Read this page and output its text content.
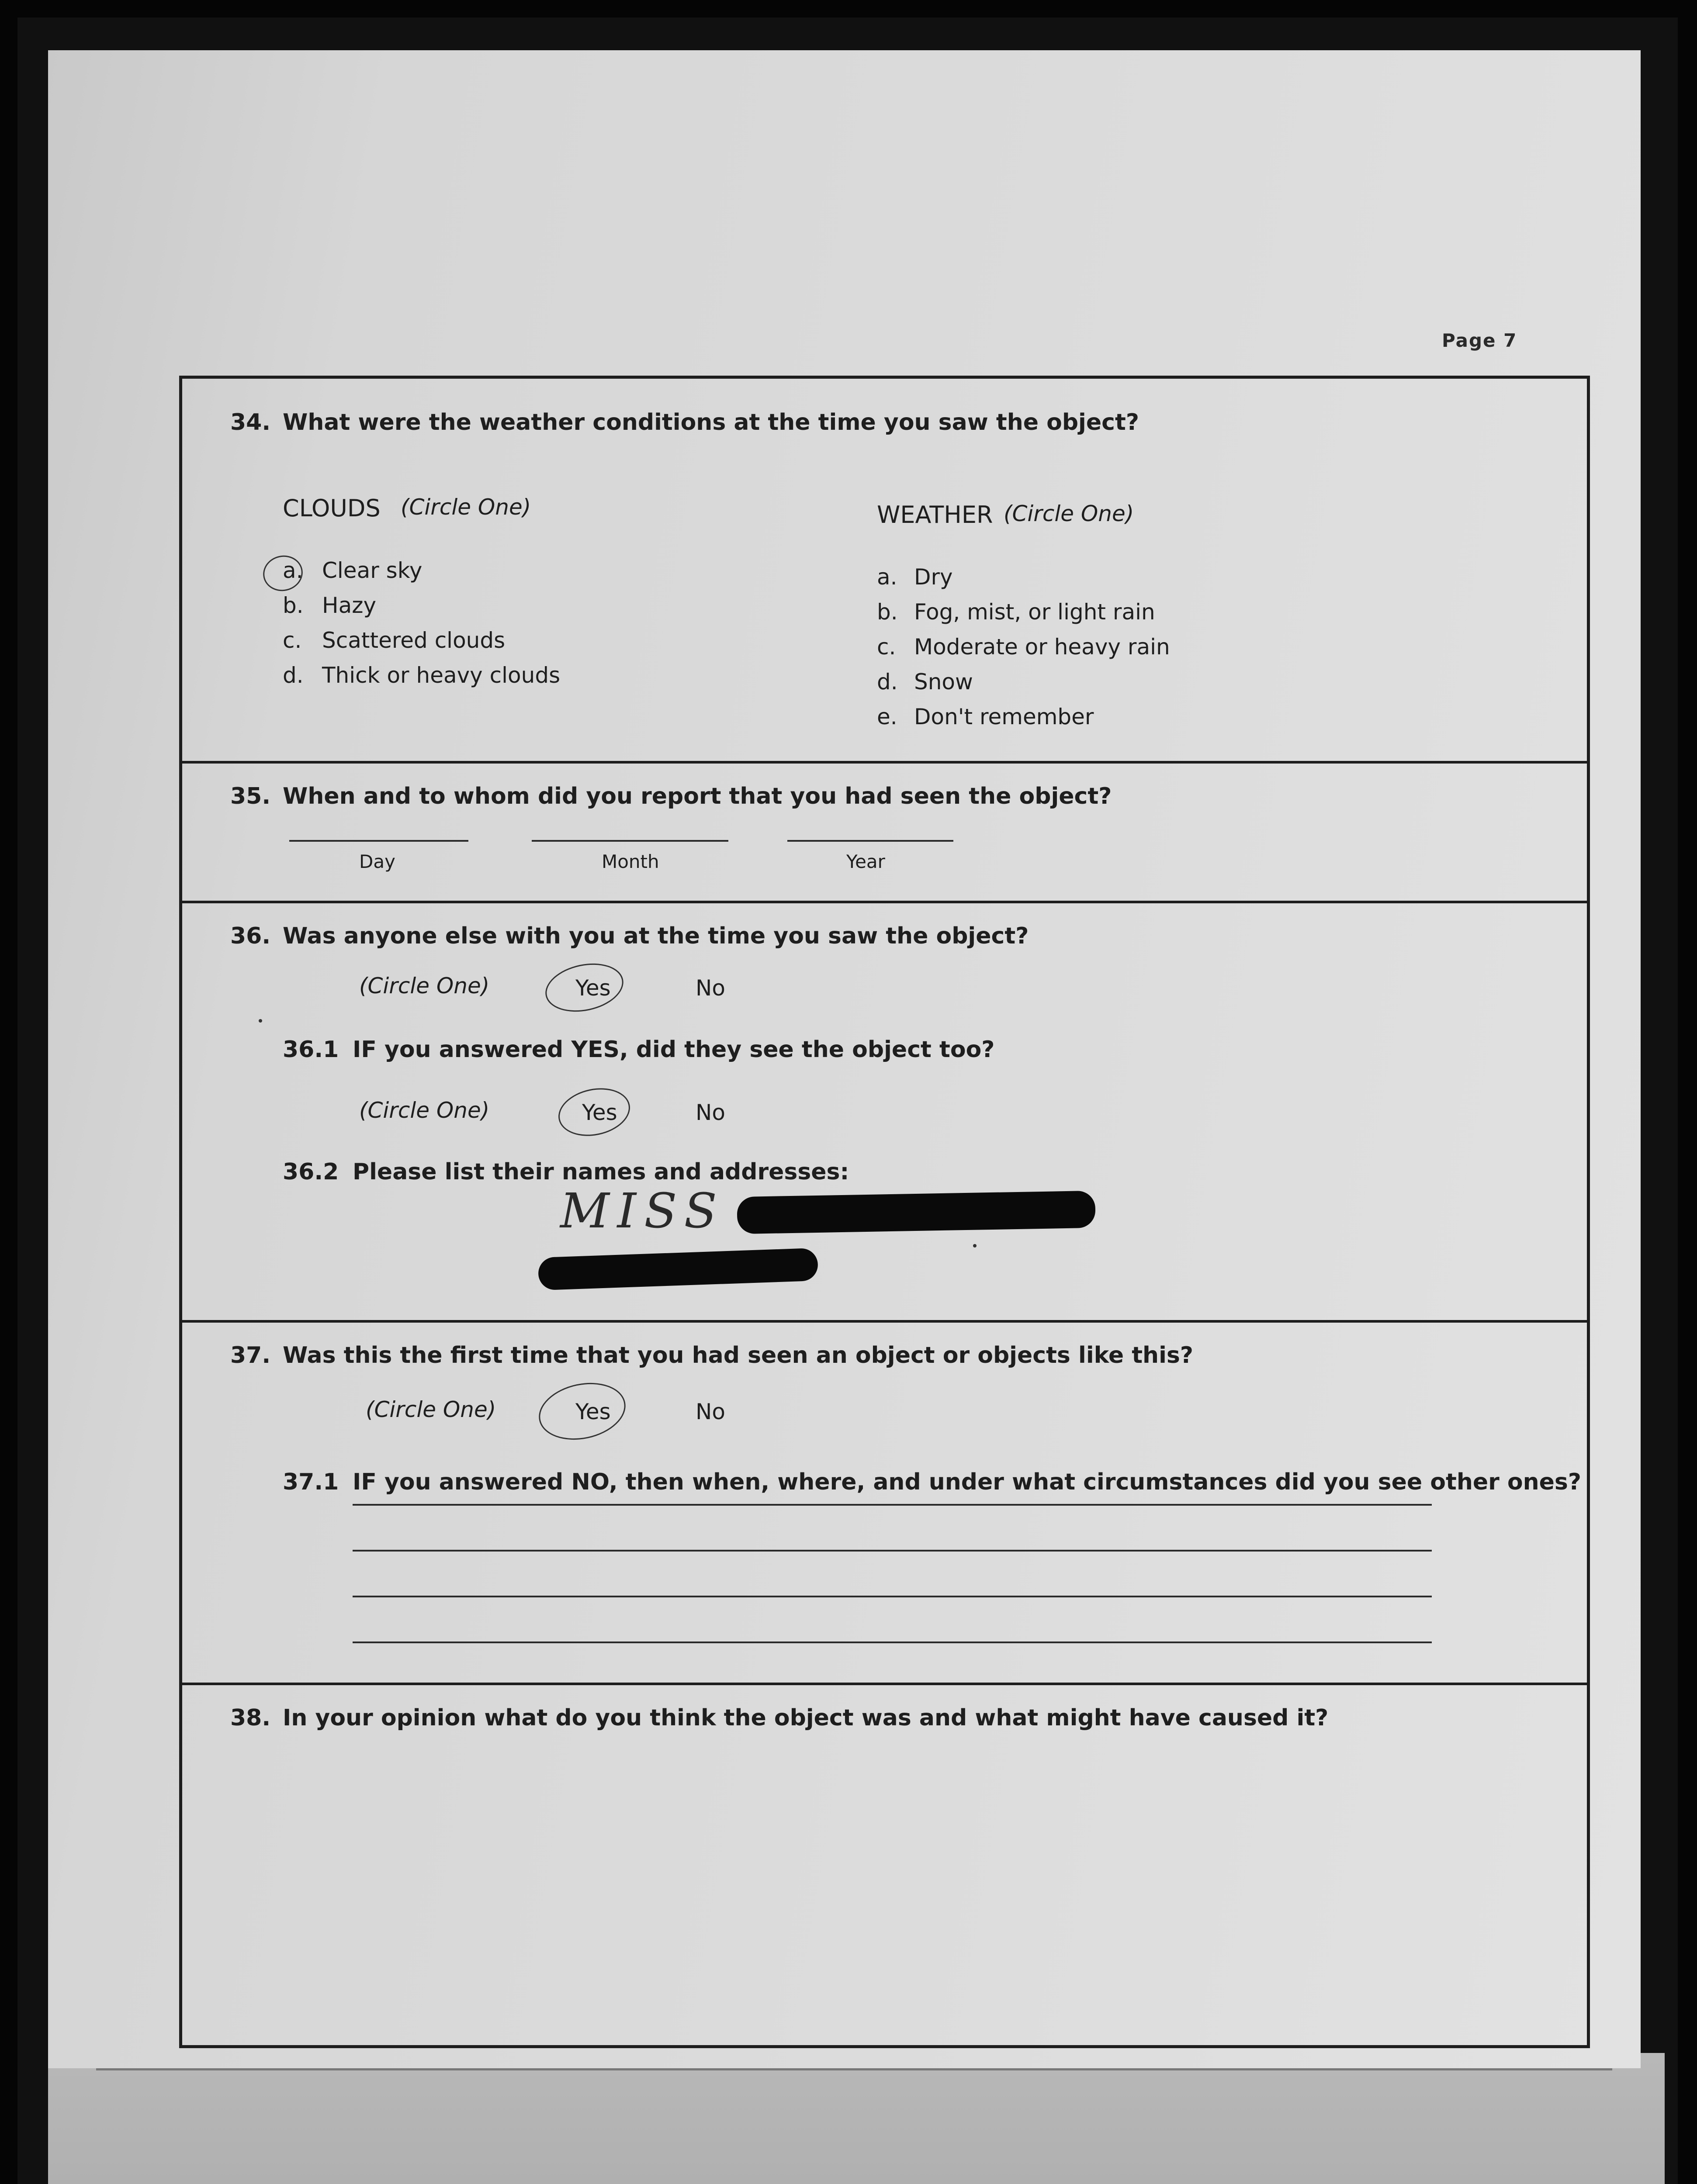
Page 7
34. What were the weather conditions at the time you saw the object?
CLOUDS (Circle One)
a. Clear sky
b. Hazy
c. Scattered clouds
d. Thick or heavy clouds
WEATHER (Circle One)
a. Dry
b. Fog, mist, or light rain
c. Moderate or heavy rain
d. Snow
e. Don't remember
35. When and to whom did you report that you had seen the object?
Day	Month	Year
36. Was anyone else with you at the time you saw the object?
(Circle One)	Yes	No
36.1 IF you answered YES, did they see the object too?
(Circle One)	Yes	No
36.2 Please list their names and addresses:
MISS
37. Was this the first time that you had seen an object or objects like this?
(Circle One)	Yes	No
37.1 IF you answered NO, then when, where, and under what circumstances did you see other ones?
38. In your opinion what do you think the object was and what might have caused it?
